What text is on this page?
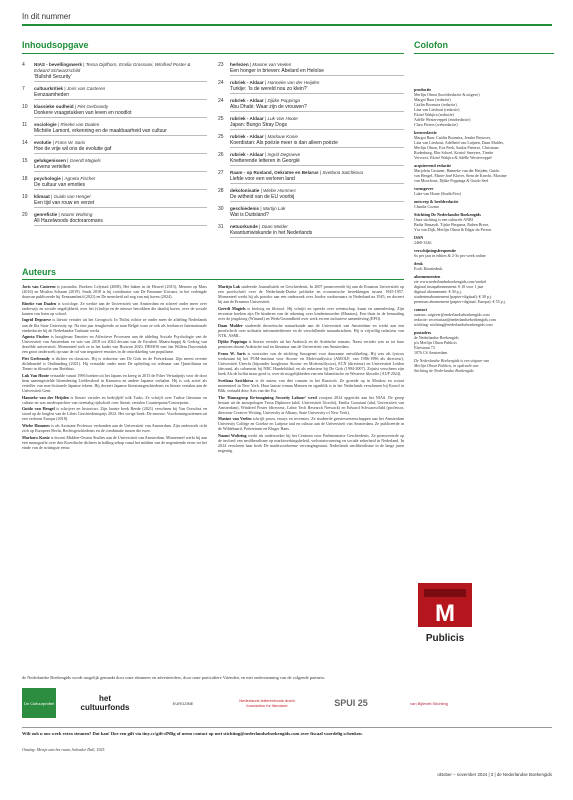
In dit nummer
Inhoudsopgave	Colofon
4	NIAS - bevellingswerk | Tessa Dipfhorn, Emilia Grassiani, Winifred Poster & Edward Schwarzschild
‘Bullshit Security’
7	cultuurkritiek | Joris van Casteren
Eenzaamheden
10	klassieke oudheid | Piet Gerbrandy
Donkere vraagstukken van leven en noodlot
11	sociologie | Rineke van Daalen
Michèle Lamont, erkenning en de maakbaarheid van cultuur
14	evolutie | Frans W. Saris
Hoe de vrije wil ons de evolutie gaf
15	gelukgenissen | Geerdt Magiels
Levens vertellen
18	psychologie | Agneta Fischer
De cultuur van emoties
19	klimaat | Guido van Hengel
Een tijd van rouw en verzet
20	genrefictie | Naomi Woltring
Ali Hazelwoods doctoraromans
23	herlezen | Maxine van Veelen
Een honger in brieven: Abelard en Heloïse
24	rubriek - Aldaar | Hanneke van der Heijden
Turkije: ‘Is de wereld nou zo klein?’
24	rubriek - Aldaar | Djûke Poppinga
Abu Dhabi: Waar zijn de vrouwen?
25	rubriek - Aldaar | Luk Van Houte
Japan: Bungo Stray Dogs
25	rubriek - Aldaar | Marlouw Konie
Koerdistan: Als poëzie meer is dan alleen poëzie
26	rubriek - Aldaar | Ingrid Degraeve
Knetterende letteren in Georgië
27	Raam - op Rusland, Oekraïne en Belarus | Svetlana Satchkova
Liefde voor een verloren land
28	dekolonisatie | Wiebe Hommes
De witheid van de EU voorbij
30	geschiedenis | Martijn Lak
Wat is Duitsland?
31	netuurkunde | Daan Mulder
Kwantumwiskunde in het Nederlands
productie

Merlijn Olnon (hoofdredactie & uitgave)

Margot Baar (redactie)

Caitlin Boonstra (redactie)

Lina van Lieshout (redactie)

Eloisé Wakjira (redactie)

Adèlle Westerveppel (eindredactie)

Clara Pieters (webredactie)

kernredactie

Margot Baar, Caitlin Boonstra, Jenske Brouwer,

Lina van Lieshout, Adelheid van Luijnen, Daan Mulder,

Merlijn Olnon, Eva Peek, Saskia Pieterse, Christiaan

Rodenburg, Elin Schoel, Kristof Smeyers, Tineke

Vervoort, Eloisé Wakjira & Adèlle Westerveppel

acquirerend redactie

Marjolein Castaner, Hanneke van der Heijden, Guido

van Hengel, Marie-José Klaver, Siem de Knecht, Maxime

van Moorfront, Djûke Poppinga & Guido Seel

vormgever

Luke van Houte (StudioVers)

ontwerp & beeldredactie

Claudia Cozma

Stichting De Nederlandse Boekengids

Onze stichting is een culturele ANBI

Badia Ibnzaydi, Tijske Bergsma, Ruben Brave,

Yra van Dijk, Merlijn Olnon & Edgar du Perron

ISSN

2468-3326

verschijningsfrequentie

6x per jaar in edities & 2-3x per week online

druk

Ecoli Rotatiedruk

abonnementen

zie www.nederlandseboekengids.com/winkel

digitaal instapabonnement: € 10 voor 1 jaar

digitaal abonnement: € 30 p.j.

studentenabonnement (papier+digitaal): € 30 p.j.

premium abonnement (papier+digitaal, Europa): € 55 p.j.

contact

auteurs: uitgever@nederlandseboekengids.com

redactie: secretariaat@nederlandseboekengids.com

stichting: stichting@nederlandseboekengids.com

postadres

de Nederlandse Boekengids

p/a Merlijn Olnon Publicis

Elzestraat 73

1076 CS Amsterdam

De Nederlandse Boekengids is een uitgave van

Merlijn Olnon Publicis, in opdracht van

Stichting de Nederlandse Boekengids

Auteurs

Joris van Casteren is journalist. Boeken: Lelystad (2008), Het baken in de Heuvel (2015), Mensen op Mars (2016) en Moslim Schaam (2019). Sinds 2018 is hij coördinator van De Eenzame Uitvaart, in het verlengde daarvan publiceerde hij Eenzaamheid (2021) en De mensheid zal nog van mij horen (2024).

Rineke van Daalen is sociologe. Ze werkte aan de Universiteit van Amsterdam en schreef onder meer over onderwijs en sociale ongelijkheid, over het (v)rolijn en de nieuwe betrokken die daarbij horen, over de sociale kanten van leren op school.

Ingrid Degraeve is literair vertaler uit het Georgisch. In Tbilisi richtte ze onder meer de afdeling Nederlands aan de Ilia State University op. Na tien jaar terugkeerde ze naar België waar ze ook als freelancer Internationale eindredactie bij de Nederlandse Taalunie werkt.

Agneta Fischer is hoogleraar Emoties en Affectieve Processen aan de afdeling Sociale Psychologie van de Universiteit van Amsterdam en was van 2018 tot 2024 decaan van de Faculteit Maatschappij & Gedrag van dezelfde universiteit. Momenteel stelt ze in het kader van Horizon 2020, DEMOS met Jan Willem Duyvendak een groot onderzoek op naar de rol van negatieve emoties in de ontwikkeling van populisme.

Piet Gerbrandy is dichter en classicus. Hij is redacteur van De Gids en de Poëziekrant. Zijn meest recente dichtbundel is Ontlinnding (2021). Hij vertaalde onder meer De opleiding tot redenaar van Quintilianus en Timeo in filosofie van Boëthius.

Luk Van Houte vertaalde vanuit 1996 boeken uit het Japans en kreeg in 2015 de Filter Vertaalprijs voor de door hem samengestelde bloemlezing Liefdesdood in Kamoera en andere Japanse verhalen. Hij is ook actief als verteller van non-fictionele Japanse tekens. Hij doceert Japanse literatuurgeschiedenis en literair vertalen aan de Universiteit Gent.

Hanneke van der Heijden is literair vertaler en bedrijfjelf tolk Turks. Ze schrijft over Turkse literatuur en cultuur en was medeoprichter van tweetalig tijdschrift over literair vertalen Counterpoint/Contrepoint.

Guido van Hengel is schrijver en historicus. Zijn laatste boek Reede (2021) verscheen bij Van Oorschot en stond op de longlist van de Libris Geschiedenisprijs 2022. Het vorige boek: De sneeuw: Voorkomingsstiemen uit een verloren Europa (2018).

Wiebe Hommes is als Assistant Professor verbonden aan de Universiteit van Amsterdam. Zijn onderzoek richt zich op Europees Recht, Rechtsgeschiedenis en de combinatie tussen die twee.

Marlouw Konie is docent Midden-Oosten Studies aan de Universiteit van Amsterdam. Momenteel werkt hij aan een monografie over drie Koerdische dichters in balling sebap vanaf het midden van de negentiende eeuw tot het einde van de twintigste eeuw.

Martijn Lak studeerde Journalistiek en Geschiedenis. In 2007 promoveerde hij aan de Erasmus Universiteit op een proefschrift over de Nederlands-Duitse politieke en economische betrekkingen tussen 1945-1957. Momenteel werkt hij als postdoc aan een onderzoek over Joodse weduwnaars in Nederland na 1945, en doceert hij aan de Erasmus Universiteit.

Geerdt Magiels is bioloog en filosoof. Hij schrijft en spreekt over wetenschap, kunst en samenleving. Zijn recentste boeken zijn De binderen van de rekening over kindermoorden (Mantras), Een thuis in de benauding over de jeugdzorg (Witsand) en Werk/Gezondheid over werk en een inclusieve samenleving (EPO).

Daan Mulder studeerde theoretische natuurkunde aan de Universiteit van Amsterdam en werkt aan een proefschrift over utilisatie informatietheorie en de verschillende natuurkrachten. Hij is vrijwillig redacteur van NTK, ASML.

Djûke Poppinga is literair vertaler uit het Arabisch en de Arabische romans. Naast vertaler was ze tot haar pensioen docent Arabische taal en literatuur aan de Universiteit van Amsterdam.

Frans W. Saris is voorzitter van de stichting Saxogenet voor duurzame ontwikkeling. Hij was als fysicus werkzaam bij het FOM-instituut voor Atoom- en Molecuulfysica (AMOLF; van 1986-1996 als directeur), Universiteit Utrecht (bijzonder hoogleraar Atoom- en Molecuulfysica), ECN (directeur) en Universiteit Leiden (decaan), als columnist bij NRC Handelsblad, en als redacteur bij De Gids (1994-2007). Zojuist verscheen zijn boek Als de hoflui maar goed is, over de mogelijkheden van een Islamitische en Westerse filosofie (AUP 2024).

Svetlana Satchkova is de auteur van drie romans in het Russisch. Ze groeide op in Moskou en woont momenteel in New York. Haar laatste roman Mensen en ogenblik is in het Nederlands verschenen bij Koord in Blik, vertaald door Aris van der Est.

The ‘Bumagrosp Re-imagining Security Labour’ werd voorjaar 2024 opgericht aan het NIAS. De groep bestaat uit de antropologen Tessa Diphoorn (ubd, Universiteit Utrecht), Emilia Grassiani (uhd, Universiteit van Amsterdam), Winifred Poster (directeur, Labor Tech Research Network) en Edward Schwarzschild (professor, directeur Creative Writing, University at Albany, State University of New York).

Maxine van Veelen schrijft proza, essays en recensies. Ze studeerde geesteswetenschappen aan het Amsterdam University College en Griekse en Latijnse taal en cultuur aan de Universiteit van Amsterdam. Ze publiceerde in de Wildebaard, Poëzietrant en Kluger Hans.

Naomi Woltring werkt als onderzoeker bij het Centrum voor Parlementaire Geschiedenis. Ze promoveerde op de invloed van neoliberalisme op marktwerkingsbeleid, welvaartsvorming en sociale zekerheid in Nederland. In 2024 verscheen haar boek De marktvoorhoeme vervangingsstaat. Nederlands neoliberalisme in de lange jaren negentig.

M
Publicis
de Nederlandse Boekengids wordt mogelijk gemaakt door onze abonnees en adverteerders, door onze particuliere Vrienden, en met ondersteuning van de volgende partners:
De Cultuurprofiel	het cultuurfonds	EUROZINE	Nederlands letterenfonds dutch foundation for literature	SPUI 25	van Bijlevelt Stichting
Wilt ook u ons werk extra steunen? Dat kan! Doe een gift via tiny.cc/gift-dNBg of neem contact op met stichting@nederlandseboekengids.com over fiscaal voordelig schenken.
Omslag: Meisje aan het raam, Salvador Dalí, 1925.
oktober – november 2024 | 3 | de Nederlandse Boekengids
